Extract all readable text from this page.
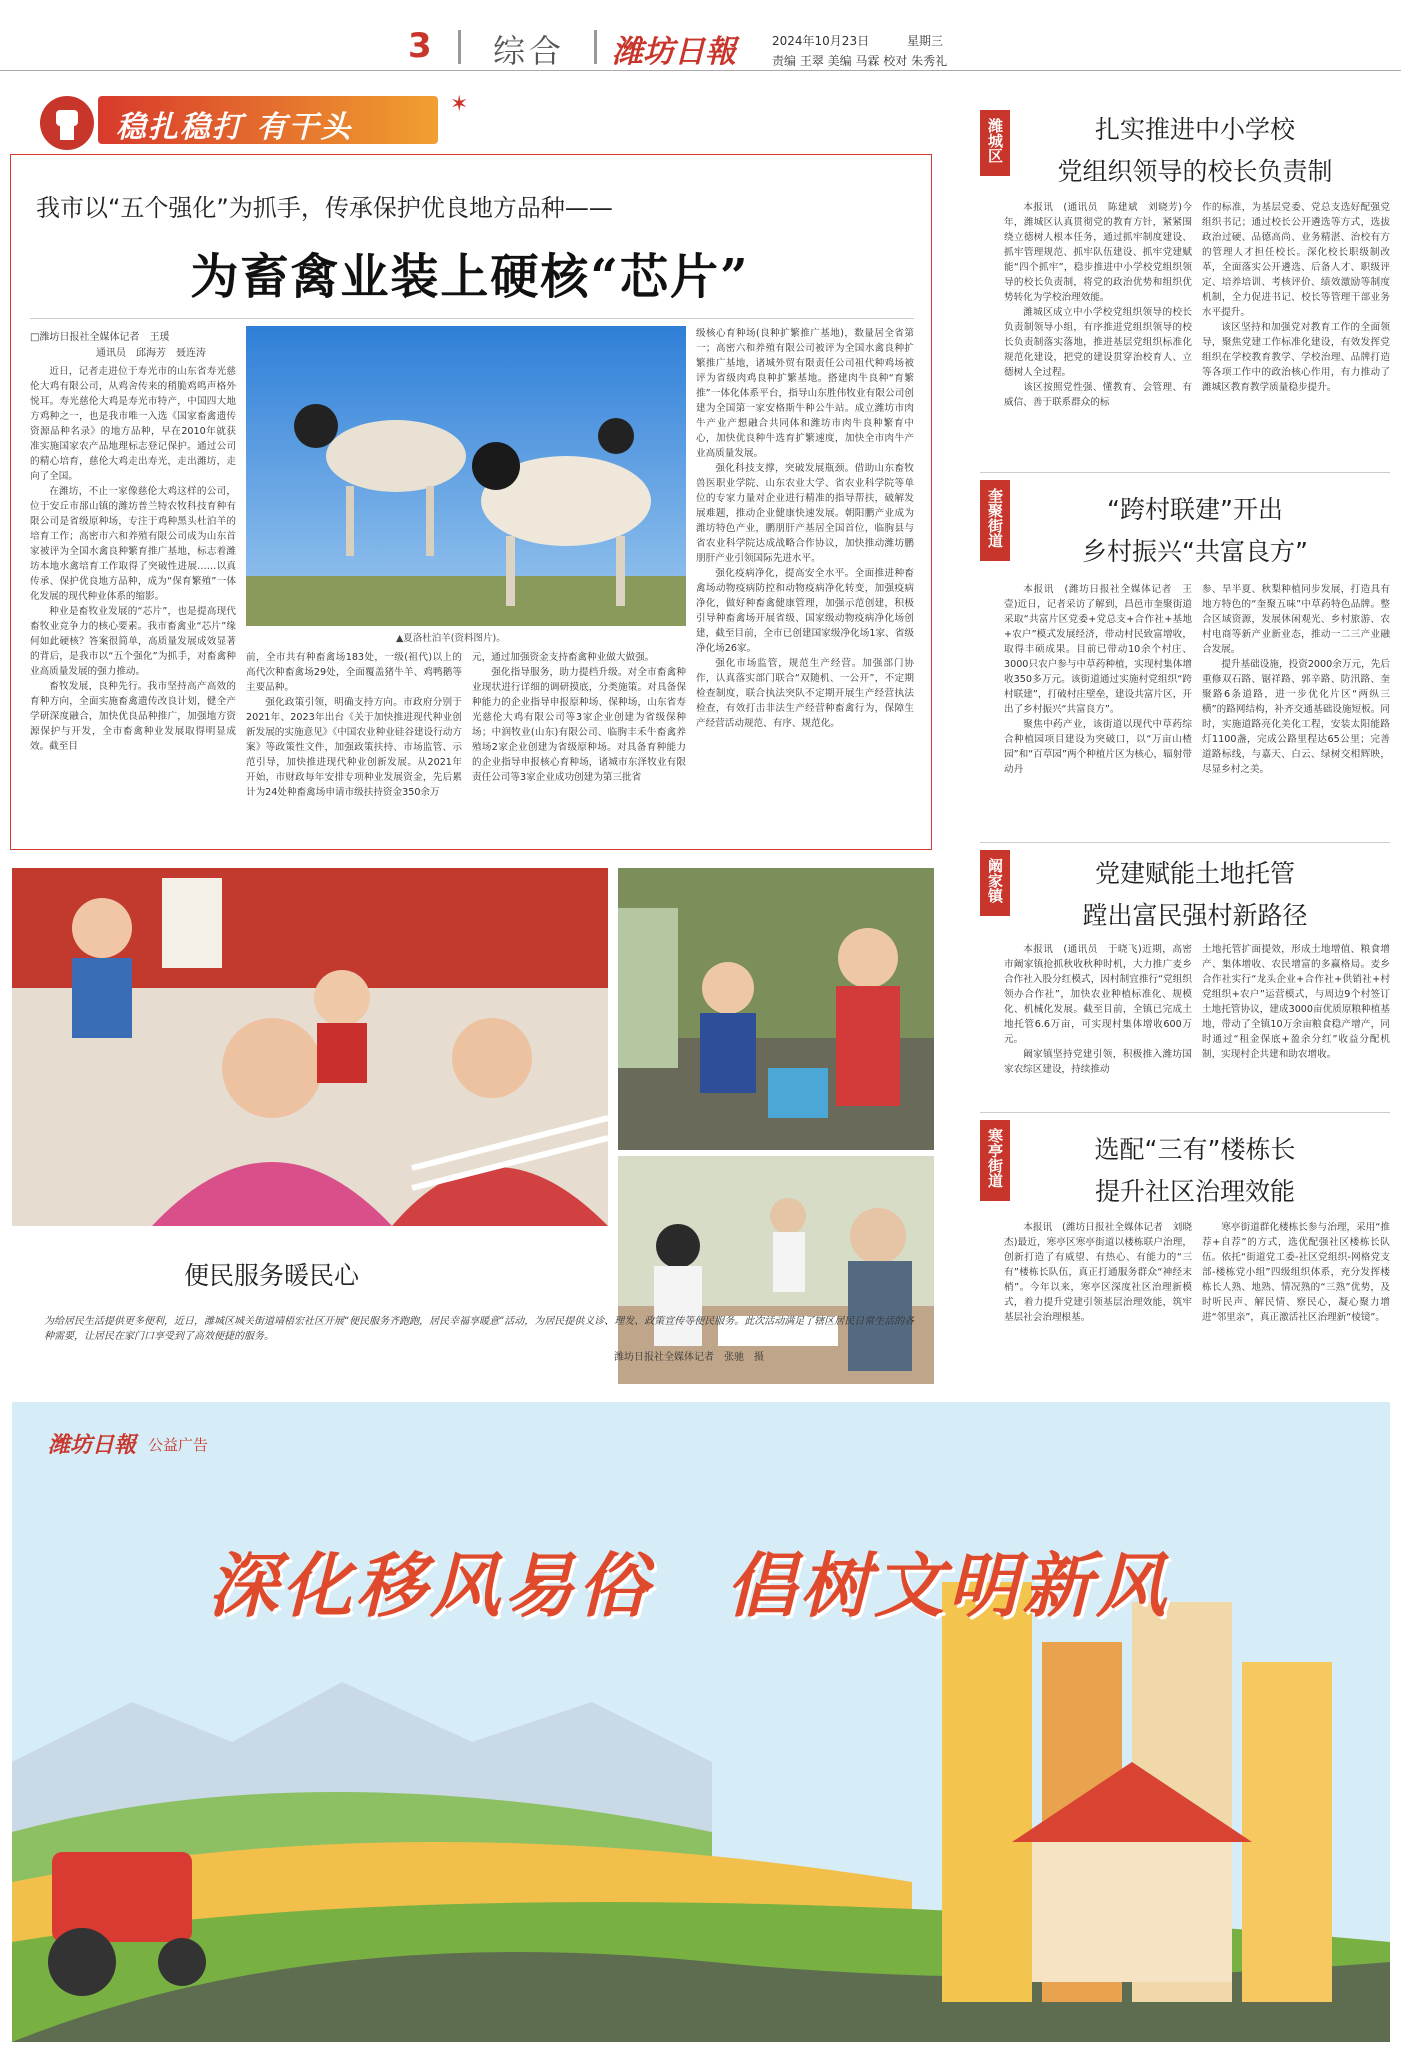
3 综合 潍坊日報	2024年10月23日	星期三
责编 王翠 美编 马霖 校对 朱秀礼
稳扎稳打 有干头
✶
我市以“五个强化”为抓手，传承保护优良地方品种——
为畜禽业装上硬核“芯片”
□潍坊日报社全媒体记者　王瑗
通讯员　邱海芳　聂连涛

近日，记者走进位于寿光市的山东省寿光慈伦大鸡有限公司，从鸡舍传来的稍脆鸡鸣声格外悦耳。寿光慈伦大鸡是寿光市特产，中国四大地方鸡种之一，也是我市唯一入选《国家畜禽遗传资源品种名录》的地方品种，早在2010年就获准实施国家农产品地理标志登记保护。通过公司的精心培育，慈伦大鸡走出寿光，走出潍坊，走向了全国。

在潍坊，不止一家像慈伦大鸡这样的公司，位于安丘市郚山镇的潍坊普兰特农牧科技育种有限公司是省级原种场，专注于鸡种黑头杜泊羊的培育工作；高密市六和养殖有限公司成为山东首家被评为全国水禽良种繁育推广基地，标志着潍坊本地水禽培育工作取得了突破性进展……以真传承、保护优良地方品种，成为“保育繁殖”一体化发展的现代种业体系的缩影。

种业是畜牧业发展的“芯片”，也是提高现代畜牧业竞争力的核心要素。我市畜禽业“芯片”缘何如此硬核？答案很简单，高质量发展成效显著的背后，是我市以“五个强化”为抓手，对畜禽种业高质量发展的强力推动。

畜牧发展，良种先行。我市坚持高产高效的育种方向，全面实施畜禽遗传改良计划，健全产学研深度融合，加快优良品种推广，加强地方资源保护与开发，全市畜禽种业发展取得明显成效。截至目

▲夏洛杜泊羊(资料图片)。

前，全市共有种畜禽场183处，一级(祖代)以上的高代次种畜禽场29处，全面覆盖猪牛羊、鸡鸭鹅等主要品种。

强化政策引领，明确支持方向。市政府分别于2021年、2023年出台《关于加快推进现代种业创新发展的实施意见》《中国农业种业硅谷建设行动方案》等政策性文件，加强政策扶持、市场监管、示范引导，加快推进现代种业创新发展。从2021年开始，市财政每年安排专项种业发展资金，先后累计为24处种畜禽场申请市级扶持资金350余万

元，通过加强资金支持畜禽种业做大做强。

强化指导服务，助力提档升级。对全市畜禽种业现状进行详细的调研摸底，分类施策。对具备保种能力的企业指导申报原种场、保种场，山东省寿光慈伦大鸡有限公司等3家企业创建为省级保种场；中润牧业(山东)有限公司、临朐丰禾牛畜禽养殖场2家企业创建为省级原种场。对具备育种能力的企业指导申报核心育种场，诸城市东泽牧业有限责任公司等3家企业成功创建为第三批省

级核心育种场(良种扩繁推广基地)，数量居全省第一；高密六和养殖有限公司被评为全国水禽良种扩繁推广基地，诸城外贸有限责任公司祖代种鸡场被评为省级肉鸡良种扩繁基地。搭建肉牛良种“育繁推”一体化体系平台，指导山东胜伟牧业有限公司创建为全国第一家安格斯牛种公牛站。成立潍坊市肉牛产业产想融合共同体和潍坊市肉牛良种繁育中心，加快优良种牛选育扩繁速度，加快全市肉牛产业高质量发展。

强化科技支撑，突破发展瓶颈。借助山东畜牧兽医职业学院、山东农业大学、省农业科学院等单位的专家力量对企业进行精准的指导帮扶，破解发展难题，推动企业健康快速发展。朝阳鹏产业成为潍坊特色产业，鹏朋肝产基居全国首位，临朐县与省农业科学院达成战略合作协议，加快推动潍坊鹏朋肝产业引领国际先进水平。

强化疫病净化，提高安全水平。全面推进种畜禽场动物疫病防控和动物疫病净化转变，加强疫病净化，做好种畜禽健康管理，加强示范创建，积极引导种畜禽场开展省级、国家级动物疫病净化场创建，截至目前，全市已创建国家级净化场1家、省级净化场26家。

强化市场监管，规范生产经营。加强部门协作，认真落实部门联合“双随机、一公开”，不定期检查制度，联合执法突队不定期开展生产经营执法检查，有效打击非法生产经营种畜禽行为，保障生产经营活动规范、有序、规范化。

便民服务暖民心
为给居民生活提供更多便利，近日，潍城区城关街道靖梧宏社区开展“便民服务齐跑跑，居民幸福享暖意”活动，为居民提供义诊、理发、政策宣传等便民服务。此次活动满足了辖区居民日常生活的各种需要，让居民在家门口享受到了高效便捷的服务。
潍坊日报社全媒体记者　张驰　摄
潍城区	扎实推进中小学校
党组织领导的校长负责制

本报讯　(通讯员　陈建斌　刘晓芳)今年，潍城区认真贯彻党的教育方针，紧紧围绕立德树人根本任务，通过抓牢制度建设、抓牢管理规范、抓牢队伍建设、抓牢党建赋能“四个抓牢”，稳步推进中小学校党组织领导的校长负责制，将党的政治优势和组织优势转化为学校治理效能。

潍城区成立中小学校党组织领导的校长负责制领导小组，有序推进党组织领导的校长负责制落实落地，推进基层党组织标准化规范化建设，把党的建设贯穿治校育人、立德树人全过程。

该区按照党性强、懂教育、会管理、有威信、善于联系群众的标

作的标准，为基层党委、党总支选好配强党组织书记；通过校长公开遴选等方式，选拔政治过硬、品德高尚、业务精湛、治校有方的管理人才担任校长。深化校长职级制改革，全面落实公开遴选、后备人才、职级评定、培养培训、考核评价、绩效激励等制度机制，全力促进书记、校长等管理干部业务水平提升。

该区坚持和加强党对教育工作的全面领导，聚焦党建工作标准化建设，有效发挥党组织在学校教育教学、学校治理、品牌打造等各项工作中的政治核心作用，有力推动了潍城区教育教学质量稳步提升。

奎聚街道	“跨村联建”开出
乡村振兴“共富良方”

本报讯　(潍坊日报社全媒体记者　王壹)近日，记者采访了解到，昌邑市奎聚街道采取“共富片区党委+党总支+合作社+基地+农户”模式发展经济，带动村民致富增收，取得丰硕成果。目前已带动10余个村庄、3000只农户参与中草药种植，实现村集体增收350多万元。该街道通过实施村党组织“跨村联建”，打破村庄壁垒，建设共富片区，开出了乡村振兴“共富良方”。

聚焦中药产业，该街道以现代中草药综合种植园项目建设为突破口，以“万亩山楂园”和“百草园”两个种植片区为核心，辐射带动丹

参、旱半夏、秋梨种植同步发展，打造具有地方特色的“奎聚五味”中草药特色品牌。整合区域资源，发展休闲观光、乡村旅游、农村电商等新产业新业态，推动一二三产业融合发展。

提升基础设施，投资2000余万元，先后重修双石路、锯祥路、郭辛路、防汛路、奎聚路6条道路，进一步优化片区“两纵三横”的路网结构，补齐交通基础设施短板。同时，实施道路亮化美化工程，安装太阳能路灯1100盏，完成公路里程达65公里；完善道路标线，与嘉天、白云、绿树交相辉映，尽显乡村之美。

阚家镇	党建赋能土地托管
蹚出富民强村新路径

本报讯　(通讯员　于晓飞)近期，高密市阚家镇抢抓秋收秋种时机，大力推广麦乡合作社入股分红模式，因村制宜推行“党组织领办合作社”，加快农业种植标准化、规模化、机械化发展。截至目前，全镇已完成土地托管6.6万亩，可实现村集体增收600万元。

阚家镇坚持党建引领，积极推入潍坊国家农综区建设，持续推动

土地托管扩面提效，形成土地增值、粮食增产、集体增收、农民增富的多赢格局。麦乡合作社实行“龙头企业+合作社+供销社+村党组织+农户”运营模式，与周边9个村签订土地托管协议，建成3000亩优质原粮种植基地，带动了全镇10万余亩粮食稳产增产，同时通过“租金保底+盈余分红”收益分配机制，实现村企共建和助农增收。

寒亭街道	选配“三有”楼栋长
提升社区治理效能

本报讯　(潍坊日报社全媒体记者　刘晓杰)最近，寒亭区寒亭街道以楼栋联户治理，创新打造了有威望、有热心、有能力的“三有”楼栋长队伍，真正打通服务群众“神经末梢”。今年以来，寒亭区深度社区治理新模式，着力提升党建引领基层治理效能，筑牢基层社会治理根基。

寒亭街道群化楼栋长参与治理，采用“推荐+自荐”的方式，选优配强社区楼栋长队伍。依托“街道党工委-社区党组织-网格党支部-楼栋党小组”四级组织体系，充分发挥楼栋长人熟、地熟、情况熟的“三熟”优势，及时听民声、解民情、察民心，凝心聚力增进“邻里亲”，真正激活社区治理新“棱镜”。

潍坊日報 公益广告
深化移风易俗　倡树文明新风
